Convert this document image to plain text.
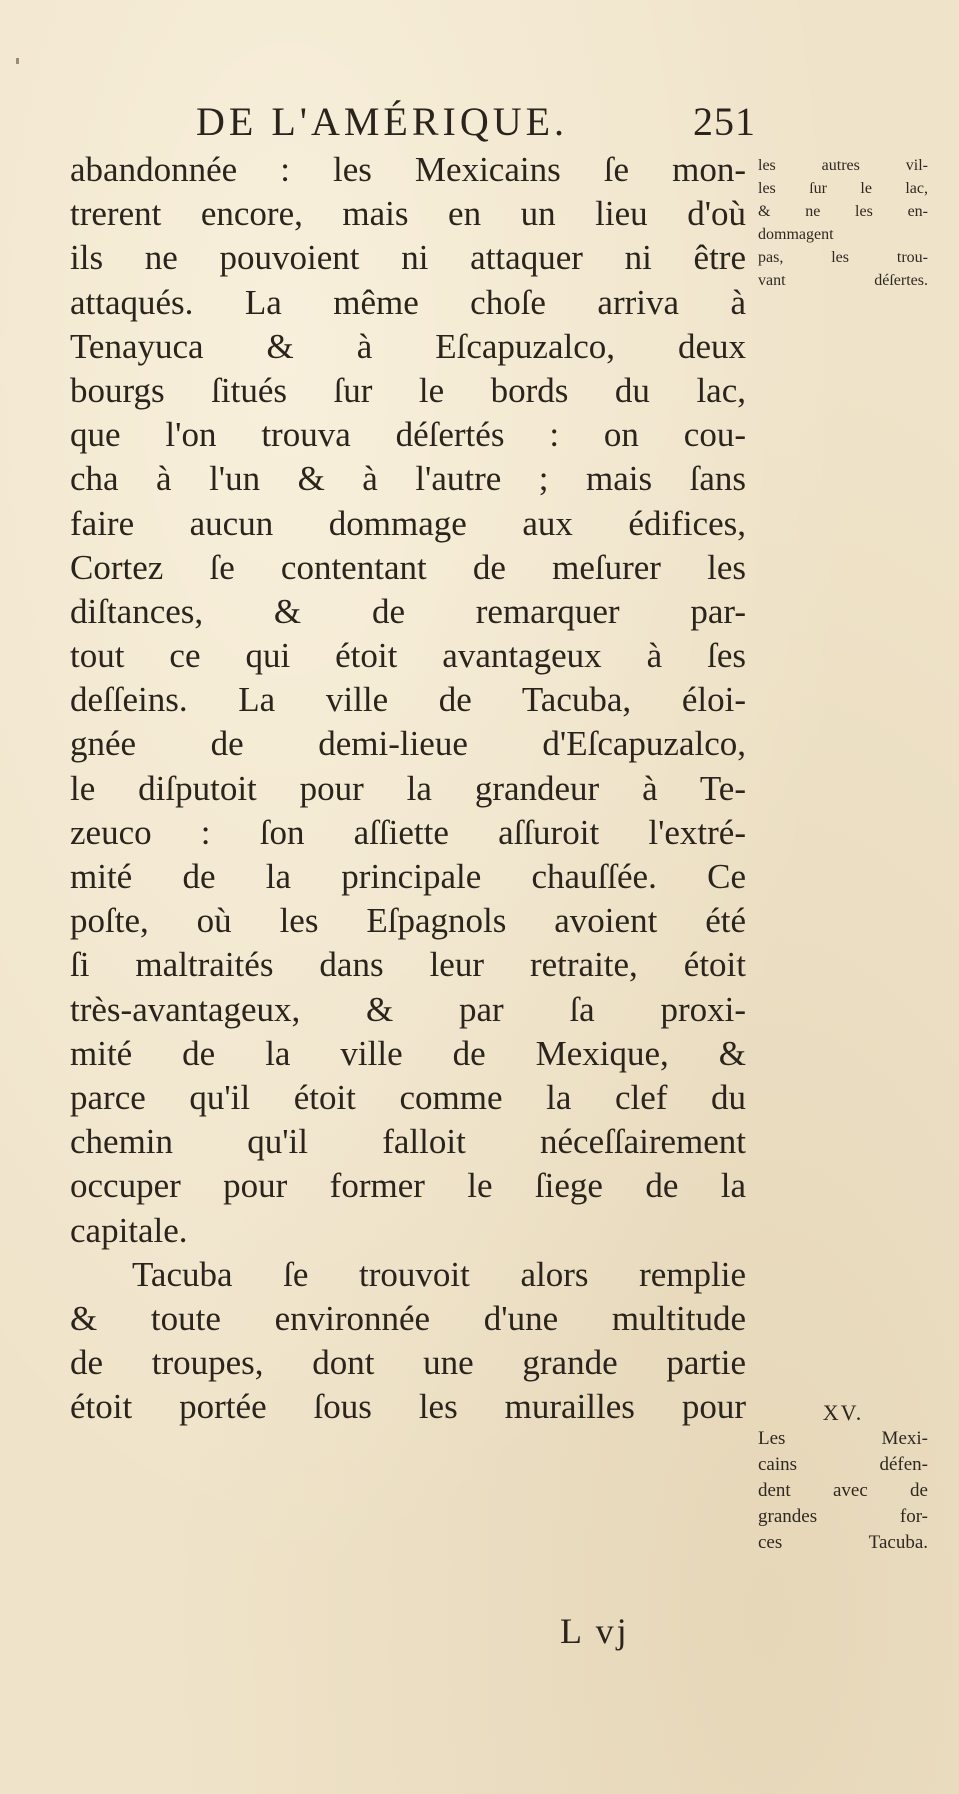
DE L'AMÉRIQUE.	251
abandonnée : les Mexicains ſe mon-
trerent encore, mais en un lieu d'où
ils ne pouvoient ni attaquer ni être
attaqués. La même choſe arriva à
Tenayuca & à Eſcapuzalco, deux
bourgs ſitués ſur le bords du lac,
que l'on trouva déſertés : on cou-
cha à l'un & à l'autre ; mais ſans
faire aucun dommage aux édifices,
Cortez ſe contentant de meſurer les
diſtances, & de remarquer par-
tout ce qui étoit avantageux à ſes
deſſeins. La ville de Tacuba, éloi-
gnée de demi-lieue d'Eſcapuzalco,
le diſputoit pour la grandeur à Te-
zeuco : ſon aſſiette aſſuroit l'extré-
mité de la principale chauſſée. Ce
poſte, où les Eſpagnols avoient été
ſi maltraités dans leur retraite, étoit
très-avantageux, & par ſa proxi-
mité de la ville de Mexique, &
parce qu'il étoit comme la clef du
chemin qu'il falloit néceſſairement
occuper pour former le ſiege de la
capitale.
Tacuba ſe trouvoit alors remplie
& toute environnée d'une multitude
de troupes, dont une grande partie
étoit portée ſous les murailles pour
les autres vil-
les ſur le lac,
& ne les en-
dommagent
pas, les trou-
vant déſertes.
XV.
Les Mexi-
cains défen-
dent avec de
grandes for-
ces Tacuba.
L vj
